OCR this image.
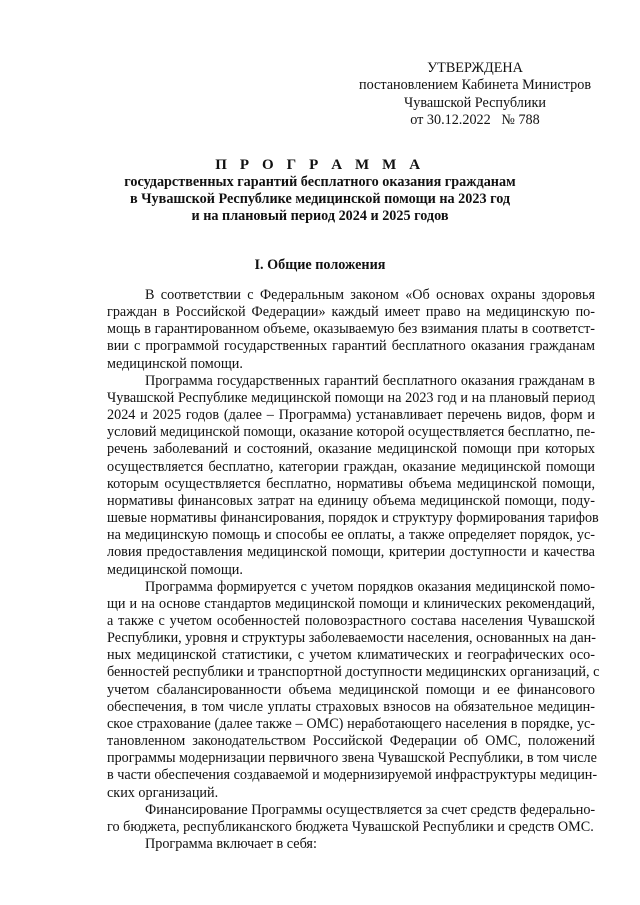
УТВЕРЖДЕНА
постановлением Кабинета Министров
Чувашской Республики
от 30.12.2022   № 788
П Р О Г Р А М М А
государственных гарантий бесплатного оказания гражданам
в Чувашской Республике медицинской помощи на 2023 год
и на плановый период 2024 и 2025 годов
I. Общие положения
В соответствии с Федеральным законом «Об основах охраны здоровья
граждан в Российской Федерации» каждый имеет право на медицинскую по-
мощь в гарантированном объеме, оказываемую без взимания платы в соответст-
вии с программой государственных гарантий бесплатного оказания гражданам
медицинской помощи.
Программа государственных гарантий бесплатного оказания гражданам в
Чувашской Республике медицинской помощи на 2023 год и на плановый период
2024 и 2025 годов (далее – Программа) устанавливает перечень видов, форм и
условий медицинской помощи, оказание которой осуществляется бесплатно, пе-
речень заболеваний и состояний, оказание медицинской помощи при которых
осуществляется бесплатно, категории граждан, оказание медицинской помощи
которым осуществляется бесплатно, нормативы объема медицинской помощи,
нормативы финансовых затрат на единицу объема медицинской помощи, поду-
шевые нормативы финансирования, порядок и структуру формирования тарифов
на медицинскую помощь и способы ее оплаты, а также определяет порядок, ус-
ловия предоставления медицинской помощи, критерии доступности и качества
медицинской помощи.
Программа формируется с учетом порядков оказания медицинской помо-
щи и на основе стандартов медицинской помощи и клинических рекомендаций,
а также с учетом особенностей половозрастного состава населения Чувашской
Республики, уровня и структуры заболеваемости населения, основанных на дан-
ных медицинской статистики, с учетом климатических и географических осо-
бенностей республики и транспортной доступности медицинских организаций, с
учетом сбалансированности объема медицинской помощи и ее финансового
обеспечения, в том числе уплаты страховых взносов на обязательное медицин-
ское страхование (далее также – ОМС) неработающего населения в порядке, ус-
тановленном законодательством Российской Федерации об ОМС, положений
программы модернизации первичного звена Чувашской Республики, в том числе
в части обеспечения создаваемой и модернизируемой инфраструктуры медицин-
ских организаций.
Финансирование Программы осуществляется за счет средств федерально-
го бюджета, республиканского бюджета Чувашской Республики и средств ОМС.
Программа включает в себя:
